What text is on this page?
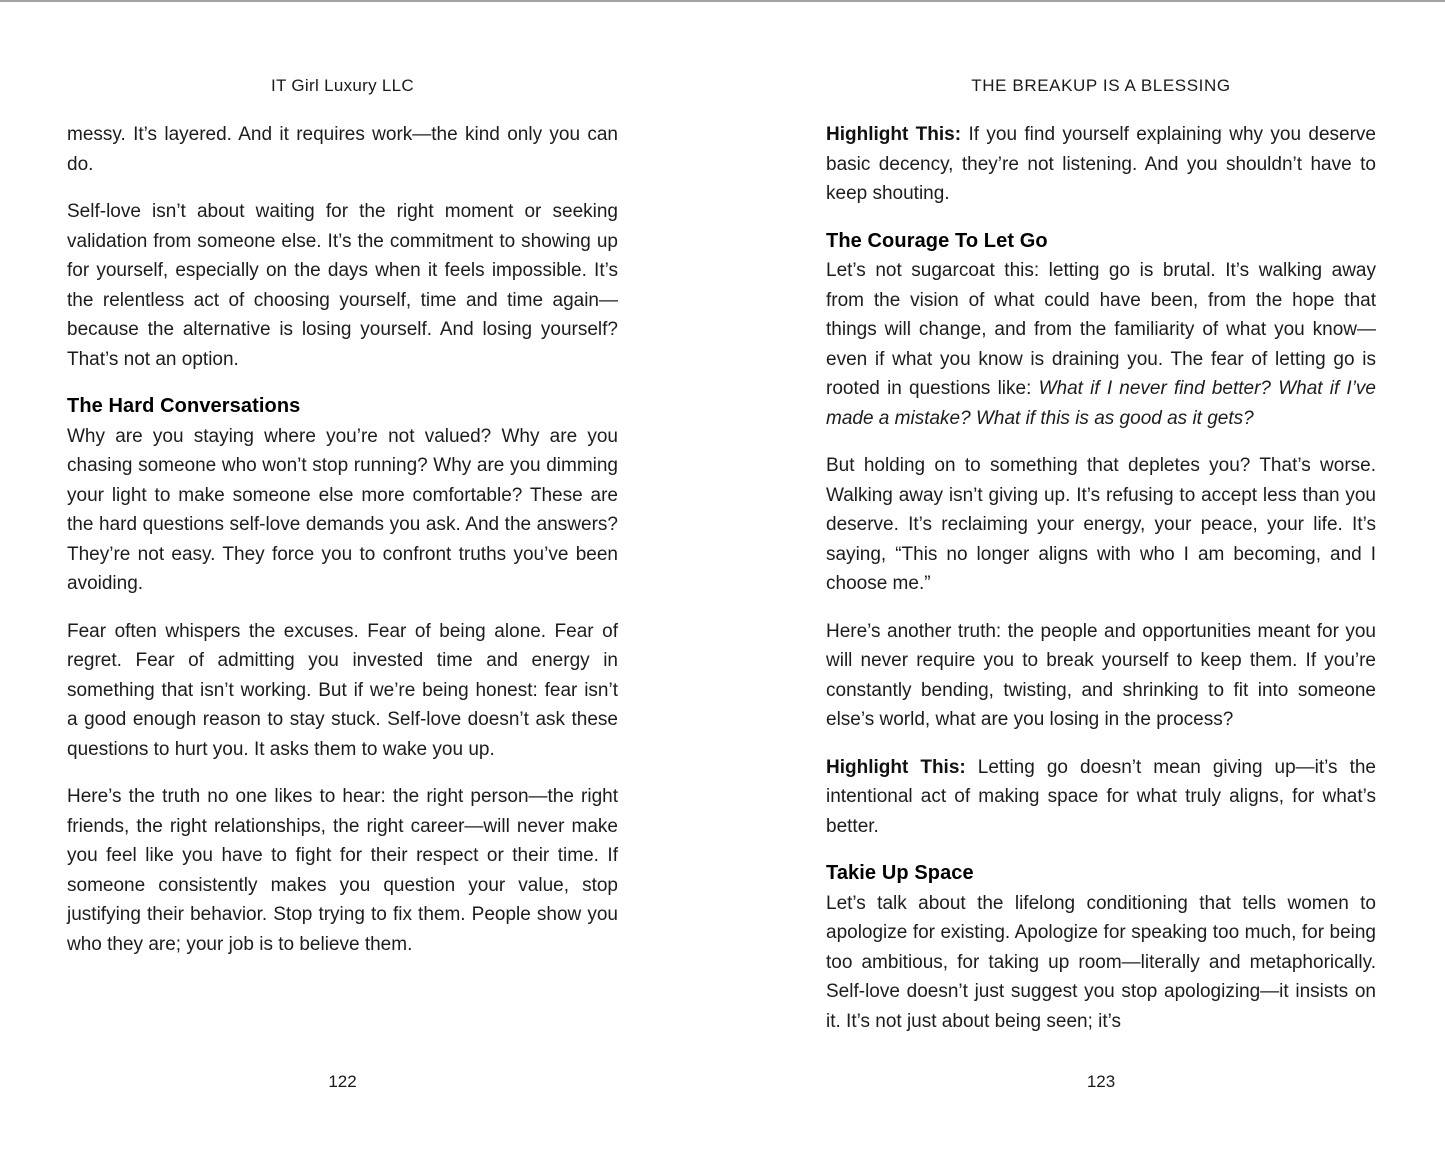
IT Girl Luxury LLC

messy. It’s layered. And it requires work—the kind only you can do.

Self-love isn’t about waiting for the right moment or seeking validation from someone else. It’s the commitment to showing up for yourself, especially on the days when it feels impossible. It’s the relentless act of choosing yourself, time and time again—because the alternative is losing yourself. And losing yourself? That’s not an option.

The Hard Conversations

Why are you staying where you’re not valued? Why are you chasing someone who won’t stop running? Why are you dimming your light to make someone else more comfortable? These are the hard questions self-love demands you ask. And the answers? They’re not easy. They force you to confront truths you’ve been avoiding.

Fear often whispers the excuses. Fear of being alone. Fear of regret. Fear of admitting you invested time and energy in something that isn’t working. But if we’re being honest: fear isn’t a good enough reason to stay stuck. Self-love doesn’t ask these questions to hurt you. It asks them to wake you up.

Here’s the truth no one likes to hear: the right person—the right friends, the right relationships, the right career—will never make you feel like you have to fight for their respect or their time. If someone consistently makes you question your value, stop justifying their behavior. Stop trying to fix them. People show you who they are; your job is to believe them.

122
THE BREAKUP IS A BLESSING

Highlight This: If you find yourself explaining why you deserve basic decency, they’re not listening. And you shouldn’t have to keep shouting.

The Courage To Let Go

Let’s not sugarcoat this: letting go is brutal. It’s walking away from the vision of what could have been, from the hope that things will change, and from the familiarity of what you know—even if what you know is draining you. The fear of letting go is rooted in questions like: What if I never find better? What if I’ve made a mistake? What if this is as good as it gets?

But holding on to something that depletes you? That’s worse. Walking away isn’t giving up. It’s refusing to accept less than you deserve. It’s reclaiming your energy, your peace, your life. It’s saying, “This no longer aligns with who I am becoming, and I choose me.”

Here’s another truth: the people and opportunities meant for you will never require you to break yourself to keep them. If you’re constantly bending, twisting, and shrinking to fit into someone else’s world, what are you losing in the process?

Highlight This: Letting go doesn’t mean giving up—it’s the intentional act of making space for what truly aligns, for what’s better.

Takie Up Space

Let’s talk about the lifelong conditioning that tells women to apologize for existing. Apologize for speaking too much, for being too ambitious, for taking up room—literally and metaphorically. Self-love doesn’t just suggest you stop apologizing—it insists on it. It’s not just about being seen; it’s

123
